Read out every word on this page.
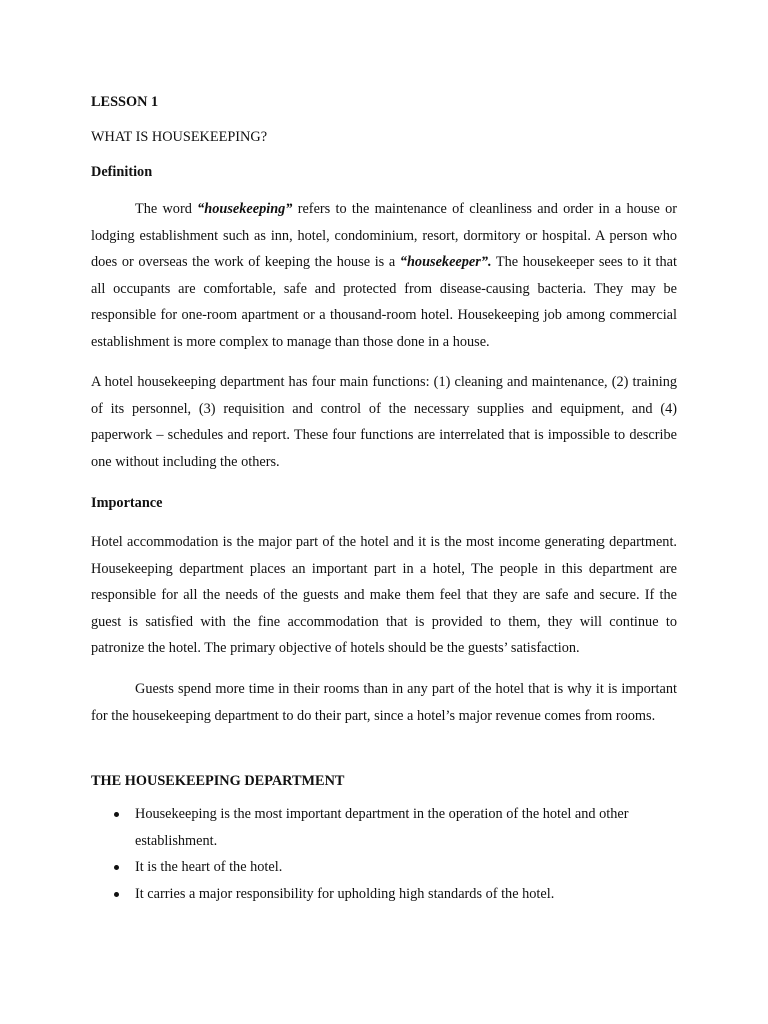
LESSON 1

WHAT IS HOUSEKEEPING?

Definition

The word “housekeeping” refers to the maintenance of cleanliness and order in a house or lodging establishment such as inn, hotel, condominium, resort, dormitory or hospital. A person who does or overseas the work of keeping the house is a “housekeeper”. The housekeeper sees to it that all occupants are comfortable, safe and protected from disease-causing bacteria. They may be responsible for one-room apartment or a thousand-room hotel. Housekeeping job among commercial establishment is more complex to manage than those done in a house.

A hotel housekeeping department has four main functions: (1) cleaning and maintenance, (2) training of its personnel, (3) requisition and control of the necessary supplies and equipment, and (4) paperwork – schedules and report. These four functions are interrelated that is impossible to describe one without including the others.

Importance

Hotel accommodation is the major part of the hotel and it is the most income generating department. Housekeeping department places an important part in a hotel, The people in this department are responsible for all the needs of the guests and make them feel that they are safe and secure. If the guest is satisfied with the fine accommodation that is provided to them, they will continue to patronize the hotel. The primary objective of hotels should be the guests’ satisfaction.

Guests spend more time in their rooms than in any part of the hotel that is why it is important for the housekeeping department to do their part, since a hotel’s major revenue comes from rooms.

THE HOUSEKEEPING DEPARTMENT

Housekeeping is the most important department in the operation of the hotel and other establishment.
It is the heart of the hotel.
It carries a major responsibility for upholding high standards of the hotel.
